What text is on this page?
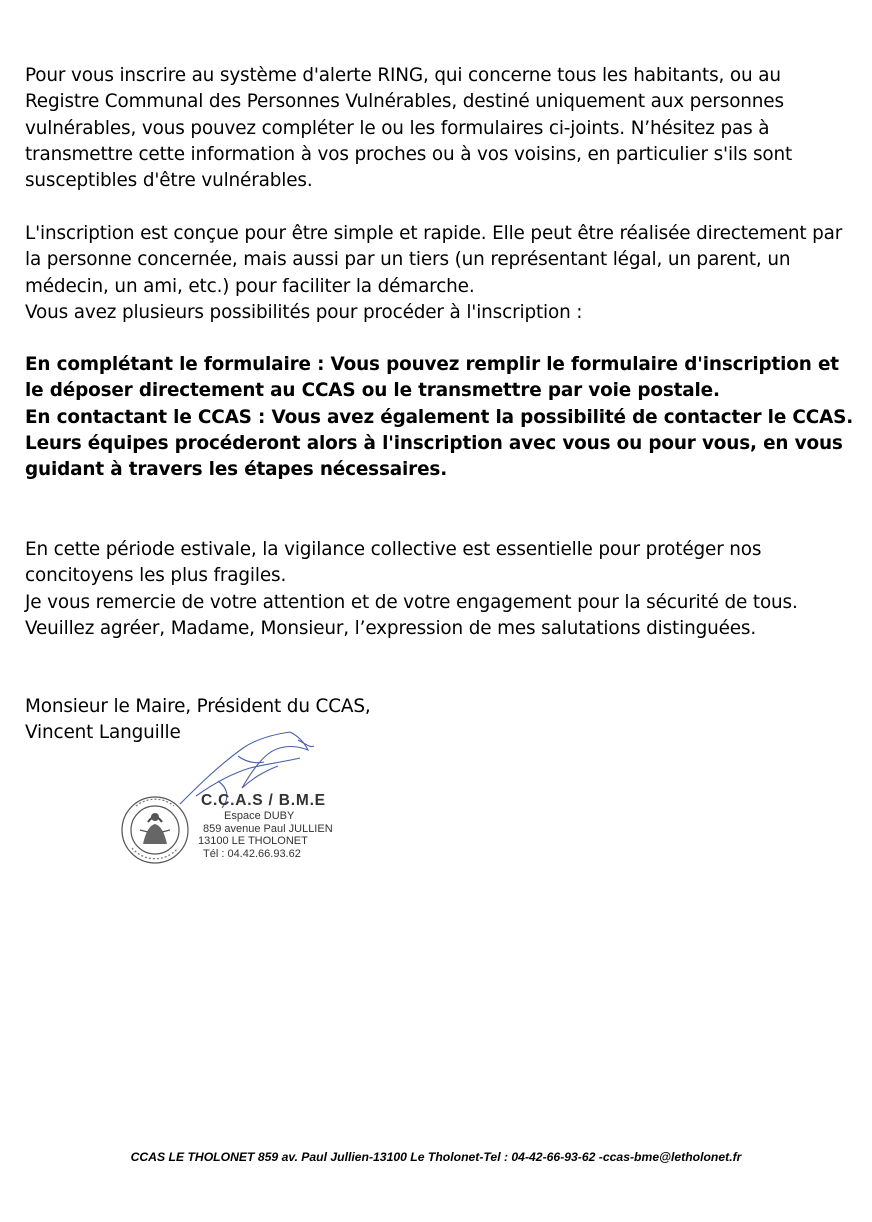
Pour vous inscrire au système d'alerte RING, qui concerne tous les habitants, ou au Registre Communal des Personnes Vulnérables, destiné uniquement aux personnes vulnérables, vous pouvez compléter le ou les formulaires ci-joints. N’hésitez pas à transmettre cette information à vos proches ou à vos voisins, en particulier s'ils sont susceptibles d'être vulnérables.

L'inscription est conçue pour être simple et rapide. Elle peut être réalisée directement par la personne concernée, mais aussi par un tiers (un représentant légal, un parent, un médecin, un ami, etc.) pour faciliter la démarche.

Vous avez plusieurs possibilités pour procéder à l'inscription :

En complétant le formulaire : Vous pouvez remplir le formulaire d'inscription et le déposer directement au CCAS ou le transmettre par voie postale.

En contactant le CCAS : Vous avez également la possibilité de contacter le CCAS. Leurs équipes procéderont alors à l'inscription avec vous ou pour vous, en vous guidant à travers les étapes nécessaires.

En cette période estivale, la vigilance collective est essentielle pour protéger nos concitoyens les plus fragiles.

Je vous remercie de votre attention et de votre engagement pour la sécurité de tous.

Veuillez agréer, Madame, Monsieur, l’expression de mes salutations distinguées.

Monsieur le Maire, Président du CCAS,

Vincent Languille

C.C.A.S / B.M.E
Espace DUBY
859 avenue Paul JULLIEN
13100 LE THOLONET
Tél : 04.42.66.93.62
CCAS LE THOLONET 859 av. Paul Jullien-13100 Le Tholonet-Tel : 04-42-66-93-62 -ccas-bme@letholonet.fr
